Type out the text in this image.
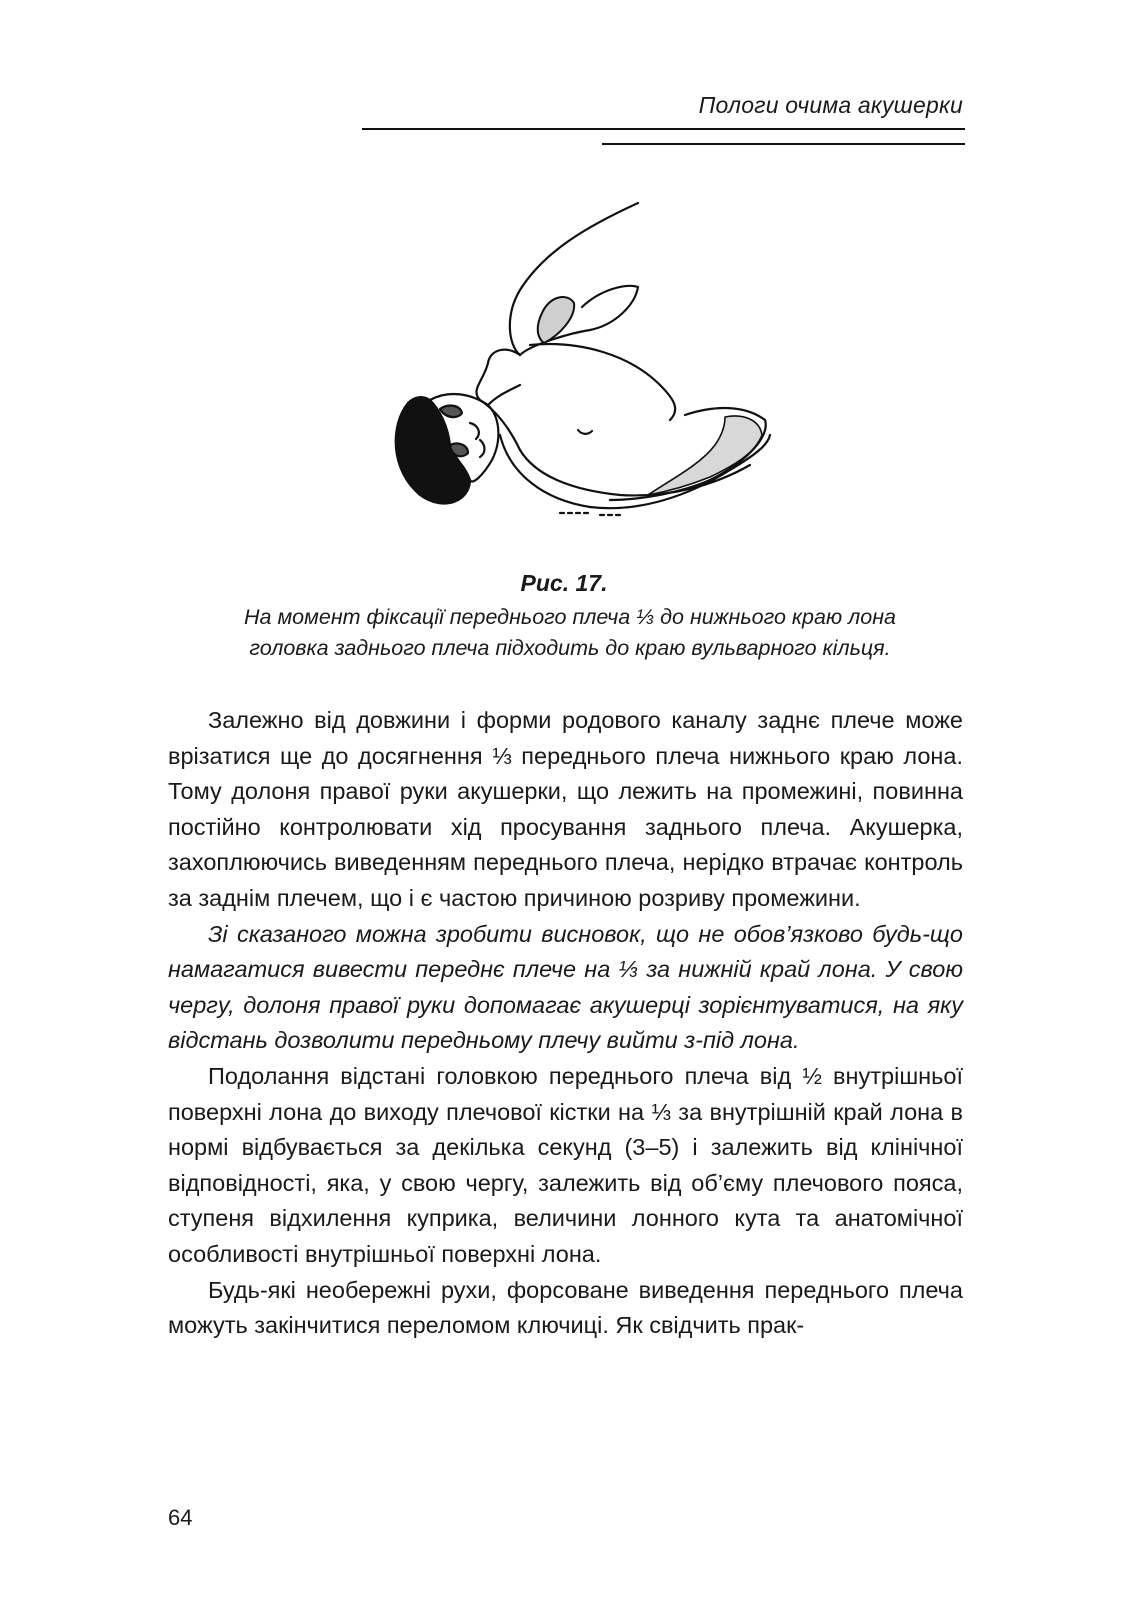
Пологи очима акушерки
Рис. 17.
На момент фіксації переднього плеча ⅓ до нижнього краю лона
головка заднього плеча підходить до краю вульварного кільця.

Залежно від довжини і форми родового каналу заднє плече може врізатися ще до досягнення ⅓ переднього плеча нижнього краю лона. Тому долоня правої руки акушерки, що лежить на промежині, повинна постійно контролювати хід просування заднього плеча. Акушерка, захоплюючись виведенням переднього плеча, нерідко втрачає контроль за заднім плечем, що і є частою причиною розриву промежини.

Зі сказаного можна зробити висновок, що не обов’язково будь-що намагатися вивести переднє плече на ⅓ за нижній край лона. У свою чергу, долоня правої руки допомагає акушерці зорієнтуватися, на яку відстань дозволити передньому плечу вийти з-під лона.

Подолання відстані головкою переднього плеча від ½ внутрішньої поверхні лона до виходу плечової кістки на ⅓ за внутрішній край лона в нормі відбувається за декілька секунд (3–5) і залежить від клінічної відповідності, яка, у свою чергу, залежить від об’єму плечового пояса, ступеня відхилення куприка, величини лонного кута та анатомічної особливості внутрішньої поверхні лона.

Будь-які необережні рухи, форсоване виведення переднього плеча можуть закінчитися переломом ключиці. Як свідчить прак-

64
